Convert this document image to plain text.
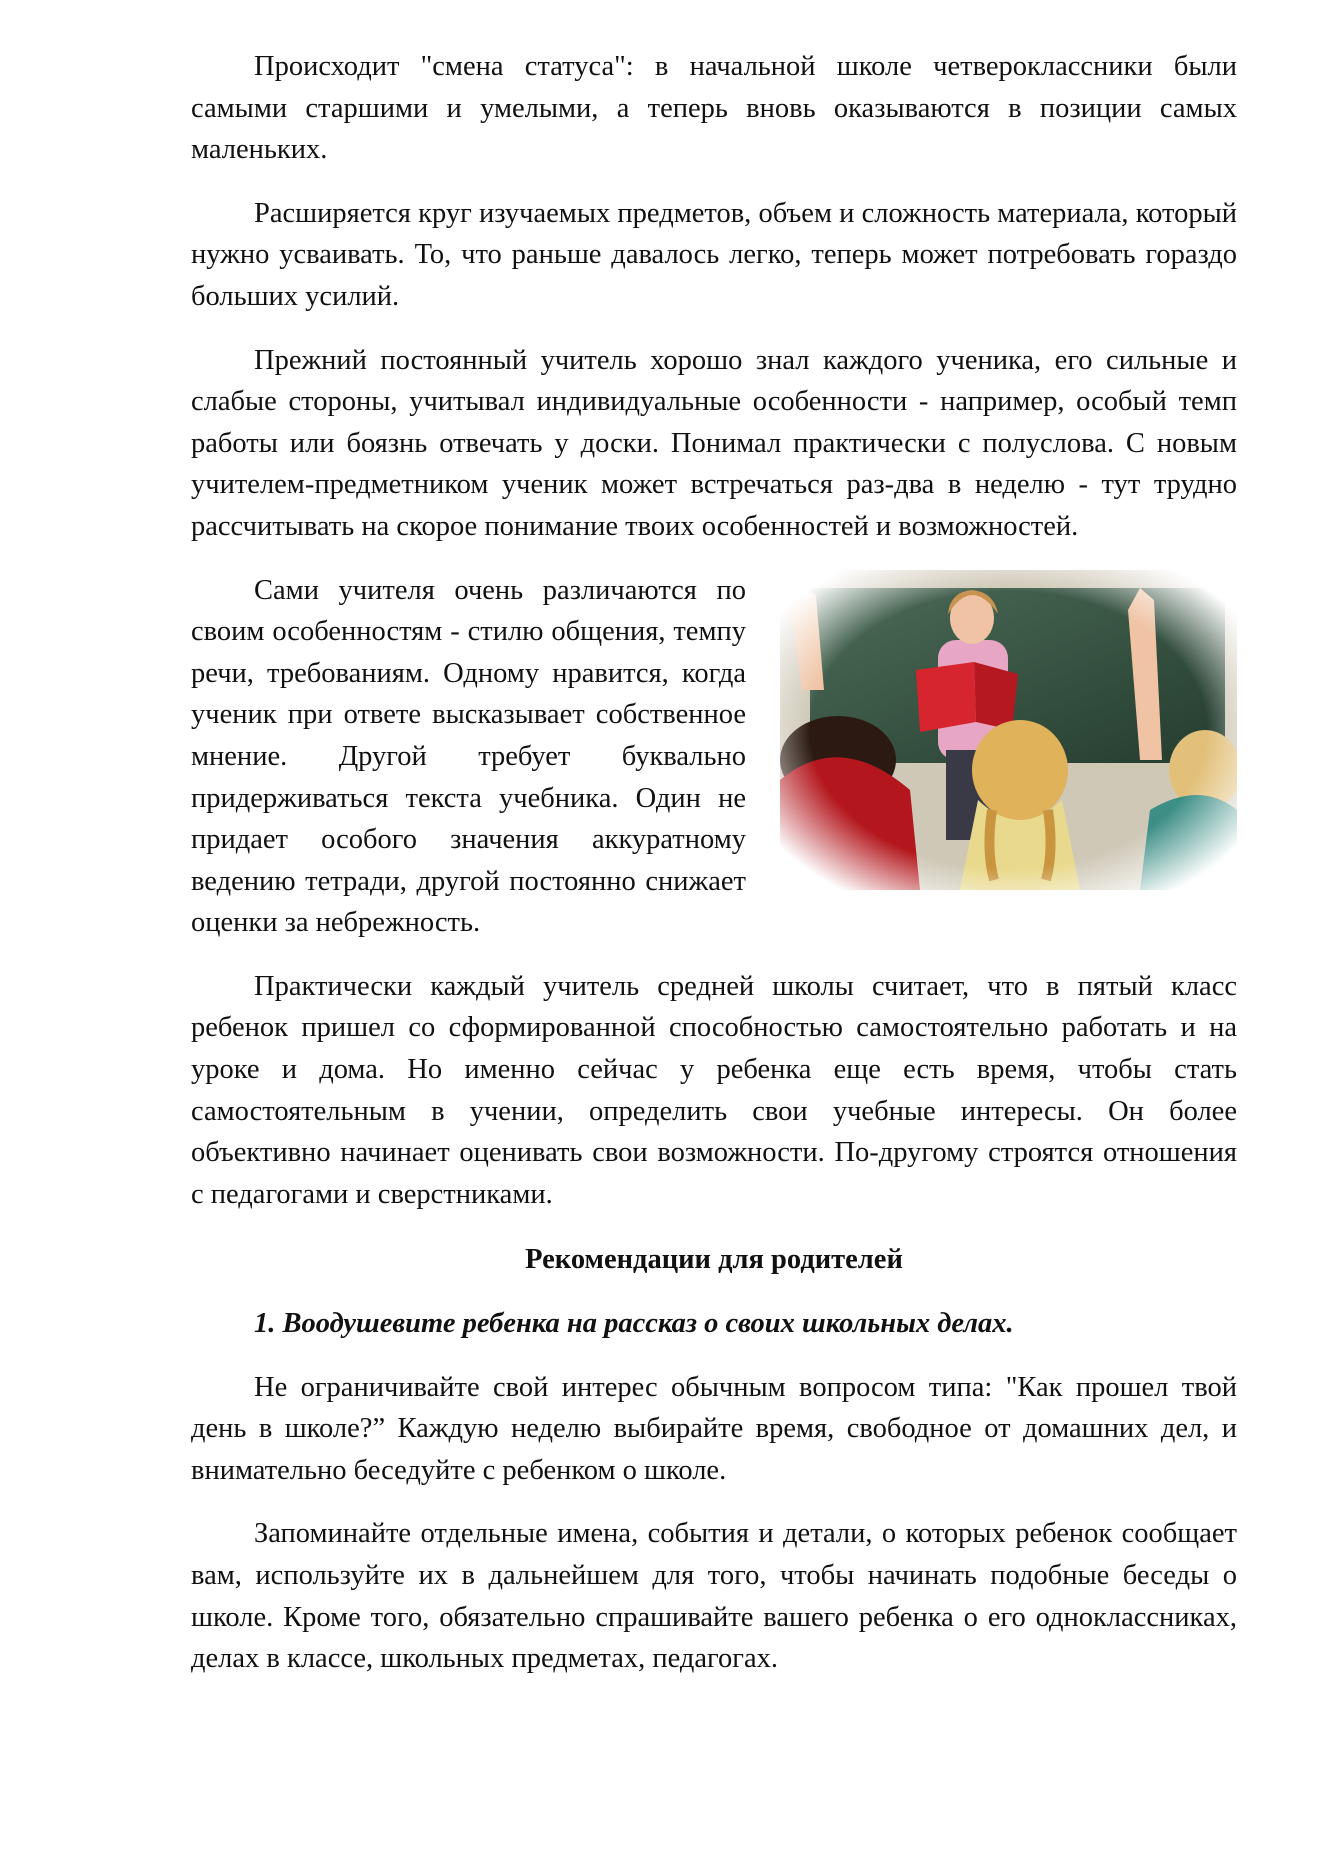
Происходит "смена статуса": в начальной школе четвероклассники были самыми старшими и умелыми, а теперь вновь оказываются в позиции самых маленьких.

Расширяется круг изучаемых предметов, объем и сложность материала, который нужно усваивать. То, что раньше давалось легко, теперь может потребовать гораздо больших усилий.

Прежний постоянный учитель хорошо знал каждого ученика, его сильные и слабые стороны, учитывал индивидуальные особенности - например, особый темп работы или боязнь отвечать у доски. Понимал практически с полуслова. С новым учителем-предметником ученик может встречаться раз-два в неделю - тут трудно рассчитывать на скорое понимание твоих особенностей и возможностей.

Сами учителя очень различаются по своим особенностям - стилю общения, темпу речи, требованиям. Одному нравится, когда ученик при ответе высказывает собственное мнение. Другой требует буквально придерживаться текста учебника. Один не придает особого значения аккуратному ведению тетради, другой постоянно снижает оценки за небрежность.

Практически каждый учитель средней школы считает, что в пятый класс ребенок пришел со сформированной способностью самостоятельно работать и на уроке и дома. Но именно сейчас у ребенка еще есть время, чтобы стать самостоятельным в учении, определить свои учебные интересы. Он более объективно начинает оценивать свои возможности. По-другому строятся отношения с педагогами и сверстниками.

Рекомендации для родителей
1. Воодушевите ребенка на рассказ о своих школьных делах.

Не ограничивайте свой интерес обычным вопросом типа: "Как прошел твой день в школе?” Каждую неделю выбирайте время, свободное от домашних дел, и внимательно беседуйте с ребенком о школе.

Запоминайте отдельные имена, события и детали, о которых ребенок сообщает вам, используйте их в дальнейшем для того, чтобы начинать подобные беседы о школе. Кроме того, обязательно спрашивайте вашего ребенка о его одноклассниках, делах в классе, школьных предметах, педагогах.
